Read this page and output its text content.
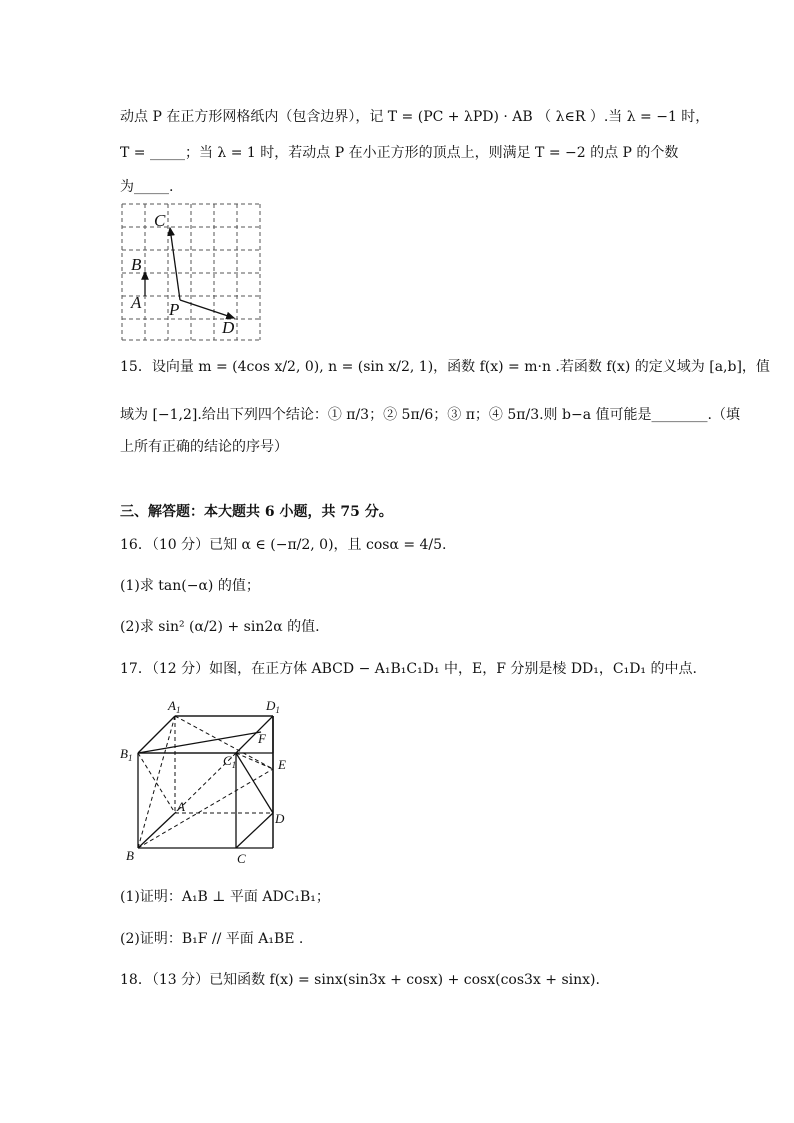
动点 P 在正方形网格纸内（包含边界），记 T = (PC + λPD) · AB （ λ∈R ）.当 λ = −1 时，
T = _____；当 λ = 1 时，若动点 P 在小正方形的顶点上，则满足 T = −2 的点 P 的个数
为_____.
C
B
A P
D
15．设向量 m = (4cos x/2, 0), n = (sin x/2, 1)，函数 f(x) = m·n .若函数 f(x) 的定义域为 [a,b]，值
域为 [−1,2].给出下列四个结论：① π/3；② 5π/6；③ π；④ 5π/3.则 b−a 值可能是________.（填
上所有正确的结论的序号）
三、解答题：本大题共 6 小题，共 75 分。
16．（10 分）已知 α ∈ (−π/2, 0)，且 cosα = 4/5.
(1)求 tan(−α) 的值；
(2)求 sin² (α/2) + sin2α 的值.
17．（12 分）如图，在正方体 ABCD − A₁B₁C₁D₁ 中，E，F 分别是棱 DD₁，C₁D₁ 的中点.
$A_1$	$D_1$
$B_1$	$C_1$
F
E
A
D
B	C
(1)证明：A₁B ⊥ 平面 ADC₁B₁；
(2)证明：B₁F // 平面 A₁BE .
18．（13 分）已知函数 f(x) = sinx(sin3x + cosx) + cosx(cos3x + sinx).
